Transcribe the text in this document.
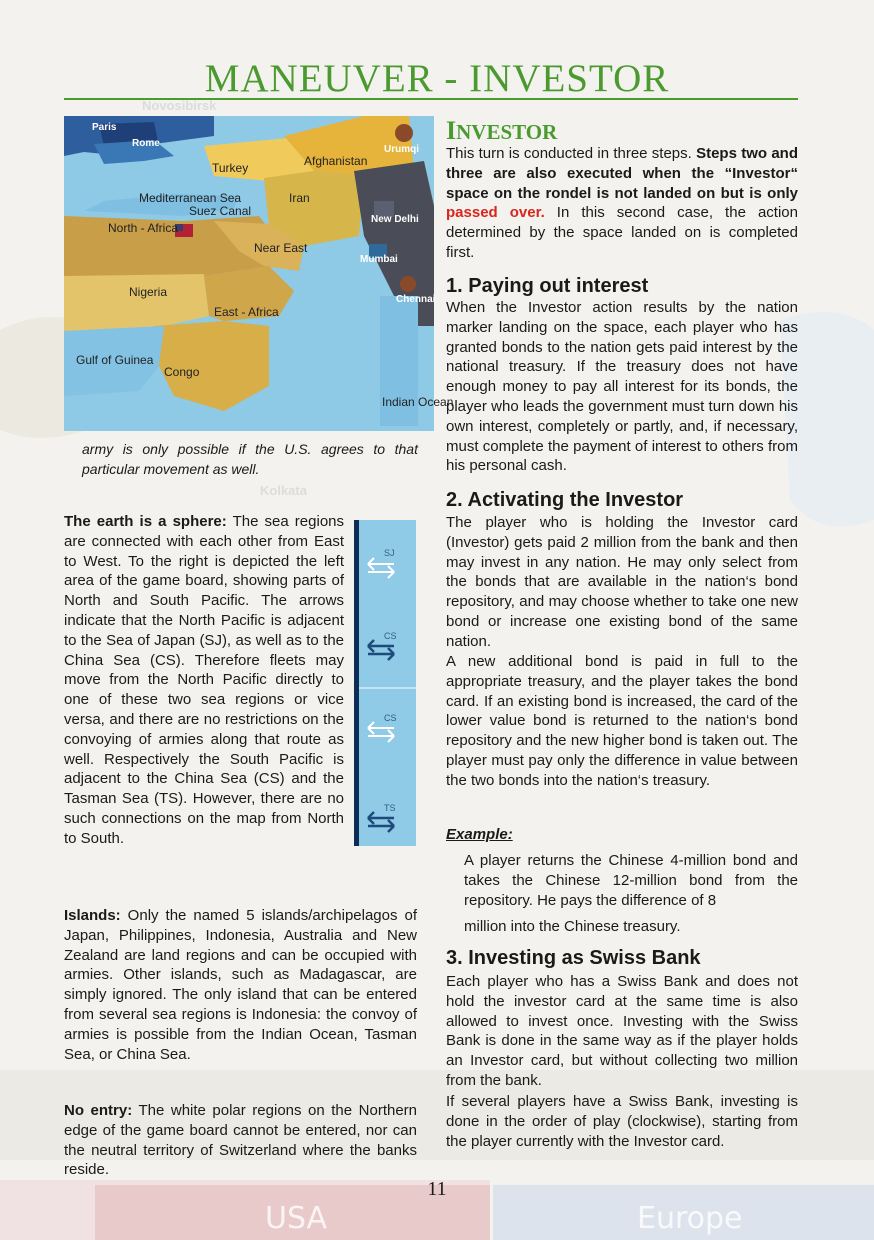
Novosibirsk
Kolkata
USA	Europe
MANEUVER - INVESTOR
Paris
Rome
Urumqi
Turkey	Afghanistan
Iran
Mediterranean Sea
Suez Canal
North - Africa
Near East
New Delhi
Mumbai
Chennai
Nigeria
East - Africa
Gulf of Guinea
Congo
Indian Ocean
army is only possible if the U.S. agrees to that particular movement as well.
SJ
CS
CS
TS

The earth is a sphere: The sea regions are connected with each other from East to West. To the right is depicted the left area of the game board, showing parts of North and South Pacific. The arrows indicate that the North Pacific is adjacent to the Sea of Japan (SJ), as well as to the China Sea (CS). Therefore fleets may move from the North Pacific directly to one of these two sea regions or vice versa, and there are no restrictions on the convoying of armies along that route as well. Respectively the South Pacific is adjacent to the China Sea (CS) and the Tasman Sea (TS). However, there are no such connections on the map from North to South.

Islands: Only the named 5 islands/archipelagos of Japan, Philippines, Indonesia, Australia and New Zealand are land regions and can be occupied with armies. Other islands, such as Madagascar, are simply ignored. The only island that can be entered from several sea regions is Indonesia: the convoy of armies is possible from the Indian Ocean, Tasman Sea, or China Sea.

No entry: The white polar regions on the Northern edge of the game board cannot be entered, nor can the neutral territory of Switzerland where the banks reside.

INVESTOR

This turn is conducted in three steps. Steps two and three are also executed when the “Investor“ space on the rondel is not landed on but is only passed over. In this second case, the action determined by the space landed on is completed first.

1. Paying out interest

When the Investor action results by the nation marker landing on the space, each player who has granted bonds to the nation gets paid interest by the national treasury. If the treasury does not have enough money to pay all interest for its bonds, the player who leads the government must turn down his own interest, completely or partly, and, if necessary, must complete the payment of interest to others from his personal cash.

2. Activating the Investor

The player who is holding the Investor card (Investor) gets paid 2 million from the bank and then may invest in any nation. He may only select from the bonds that are available in the nation‘s bond repository, and may choose whether to take one new bond or increase one existing bond of the same nation.

A new additional bond is paid in full to the appropriate treasury, and the player takes the bond card. If an existing bond is increased, the card of the lower value bond is returned to the nation‘s bond repository and the new higher bond is taken out. The player must pay only the difference in value between the two bonds into the nation‘s treasury.

Example:

A player returns the Chinese 4-million bond and takes the Chinese 12-million bond from the repository. He pays the difference of 8

million into the Chinese treasury.

3. Investing as Swiss Bank

Each player who has a Swiss Bank and does not hold the investor card at the same time is also allowed to invest once. Investing with the Swiss Bank is done in the same way as if the player holds an Investor card, but without collecting two million from the bank.

If several players have a Swiss Bank, investing is done in the order of play (clockwise), starting from the player currently with the Investor card.

11
